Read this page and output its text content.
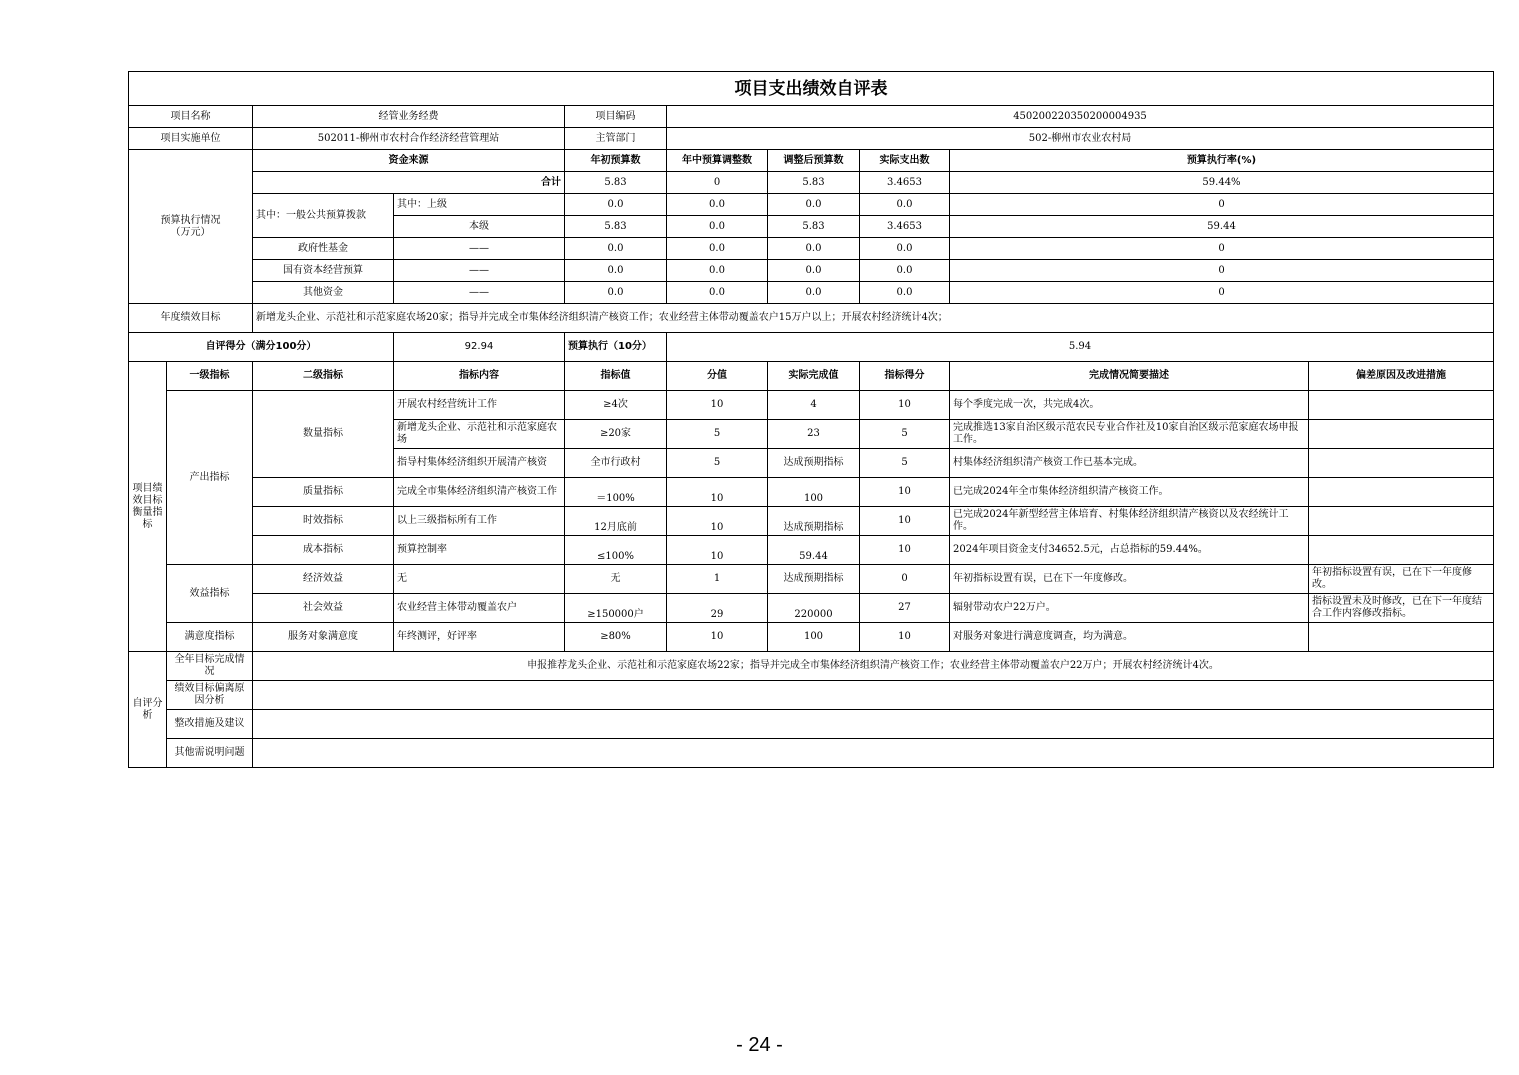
项目支出绩效自评表									
项目名称		经管业务经费		项目编码	450200220350200004935				
项目实施单位		502011-柳州市农村合作经济经营管理站		主管部门	502-柳州市农业农村局				
预算执行情况（万元）		资金来源		年初预算数	年中预算调整数	调整后预算数	实际支出数	预算执行率(%)	
		合计		5.83	0	5.83	3.4653	59.44%	
		其中：一般公共预算拨款	其中：上级	0.0	0.0	0.0	0.0	0	
			本级	5.83	0.0	5.83	3.4653	59.44	
		政府性基金	——	0.0	0.0	0.0	0.0	0	
		国有资本经营预算	——	0.0	0.0	0.0	0.0	0	
		其他资金	——	0.0	0.0	0.0	0.0	0	
年度绩效目标		新增龙头企业、示范社和示范家庭农场20家；指导并完成全市集体经济组织清产核资工作；农业经营主体带动覆盖农户15万户以上；开展农村经济统计4次；							
自评得分（满分100分）			92.94	预算执行（10分）	5.94				
项目绩效目标衡量指标	一级指标	二级指标	指标内容	指标值	分值	实际完成值	指标得分	完成情况简要描述	偏差原因及改进措施
	产出指标	数量指标	开展农村经营统计工作	≥4次	10	4	10	每个季度完成一次，共完成4次。	
			新增龙头企业、示范社和示范家庭农场	≥20家	5	23	5	完成推选13家自治区级示范农民专业合作社及10家自治区级示范家庭农场申报工作。	
			指导村集体经济组织开展清产核资	全市行政村	5	达成预期指标	5	村集体经济组织清产核资工作已基本完成。	
		质量指标	完成全市集体经济组织清产核资工作	＝100%	10	100	10	已完成2024年全市集体经济组织清产核资工作。	
		时效指标	以上三级指标所有工作	12月底前	10	达成预期指标	10	已完成2024年新型经营主体培育、村集体经济组织清产核资以及农经统计工作。	
		成本指标	预算控制率	≤100%	10	59.44	10	2024年项目资金支付34652.5元，占总指标的59.44%。	
	效益指标	经济效益	无	无	1	达成预期指标	0	年初指标设置有误，已在下一年度修改。	年初指标设置有误，已在下一年度修改。
		社会效益	农业经营主体带动覆盖农户	≥150000户	29	220000	27	辐射带动农户22万户。	指标设置未及时修改，已在下一年度结合工作内容修改指标。
	满意度指标	服务对象满意度	年终测评，好评率	≥80%	10	100	10	对服务对象进行满意度调查，均为满意。	
自评分析	全年目标完成情况	申报推荐龙头企业、示范社和示范家庭农场22家；指导并完成全市集体经济组织清产核资工作；农业经营主体带动覆盖农户22万户；开展农村经济统计4次。							
	绩效目标偏离原因分析								
	整改措施及建议								
	其他需说明问题								
- 24 -
